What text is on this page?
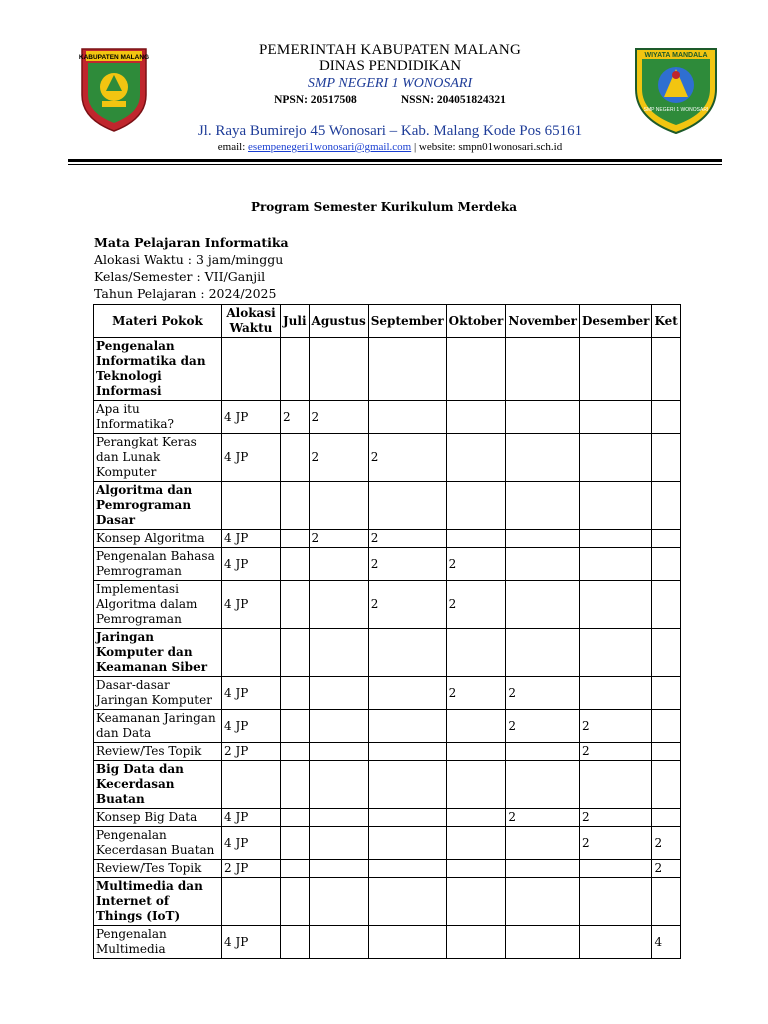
KABUPATEN MALANG	PEMERINTAH KABUPATEN MALANG
DINAS PENDIDIKAN
SMP NEGERI 1 WONOSARI
NPSN: 20517508	NSSN: 204051824321
Jl. Raya Bumirejo 45 Wonosari – Kab. Malang Kode Pos 65161
email: esempenegeri1wonosari@gmail.com | website: smpn01wonosari.sch.id
WIYATA MANDALA
SMP NEGERI 1 WONOSARI
Program Semester Kurikulum Merdeka
Mata Pelajaran Informatika
Alokasi Waktu : 3 jam/minggu
Kelas/Semester : VII/Ganjil
Tahun Pelajaran : 2024/2025
Materi Pokok	Alokasi Waktu	Juli	Agustus	September	Oktober	November	Desember	Ket
Pengenalan Informatika dan Teknologi Informasi								
Apa itu Informatika?	4 JP	2	2					
Perangkat Keras dan Lunak Komputer	4 JP		2	2				
Algoritma dan Pemrograman Dasar								
Konsep Algoritma	4 JP		2	2				
Pengenalan Bahasa Pemrograman	4 JP			2	2			
Implementasi Algoritma dalam Pemrograman	4 JP			2	2			
Jaringan Komputer dan Keamanan Siber								
Dasar-dasar Jaringan Komputer	4 JP				2	2		
Keamanan Jaringan dan Data	4 JP					2	2	
Review/Tes Topik	2 JP						2	
Big Data dan Kecerdasan Buatan								
Konsep Big Data	4 JP					2	2	
Pengenalan Kecerdasan Buatan	4 JP						2	2
Review/Tes Topik	2 JP							2
Multimedia dan Internet of Things (IoT)								
Pengenalan Multimedia	4 JP							4
